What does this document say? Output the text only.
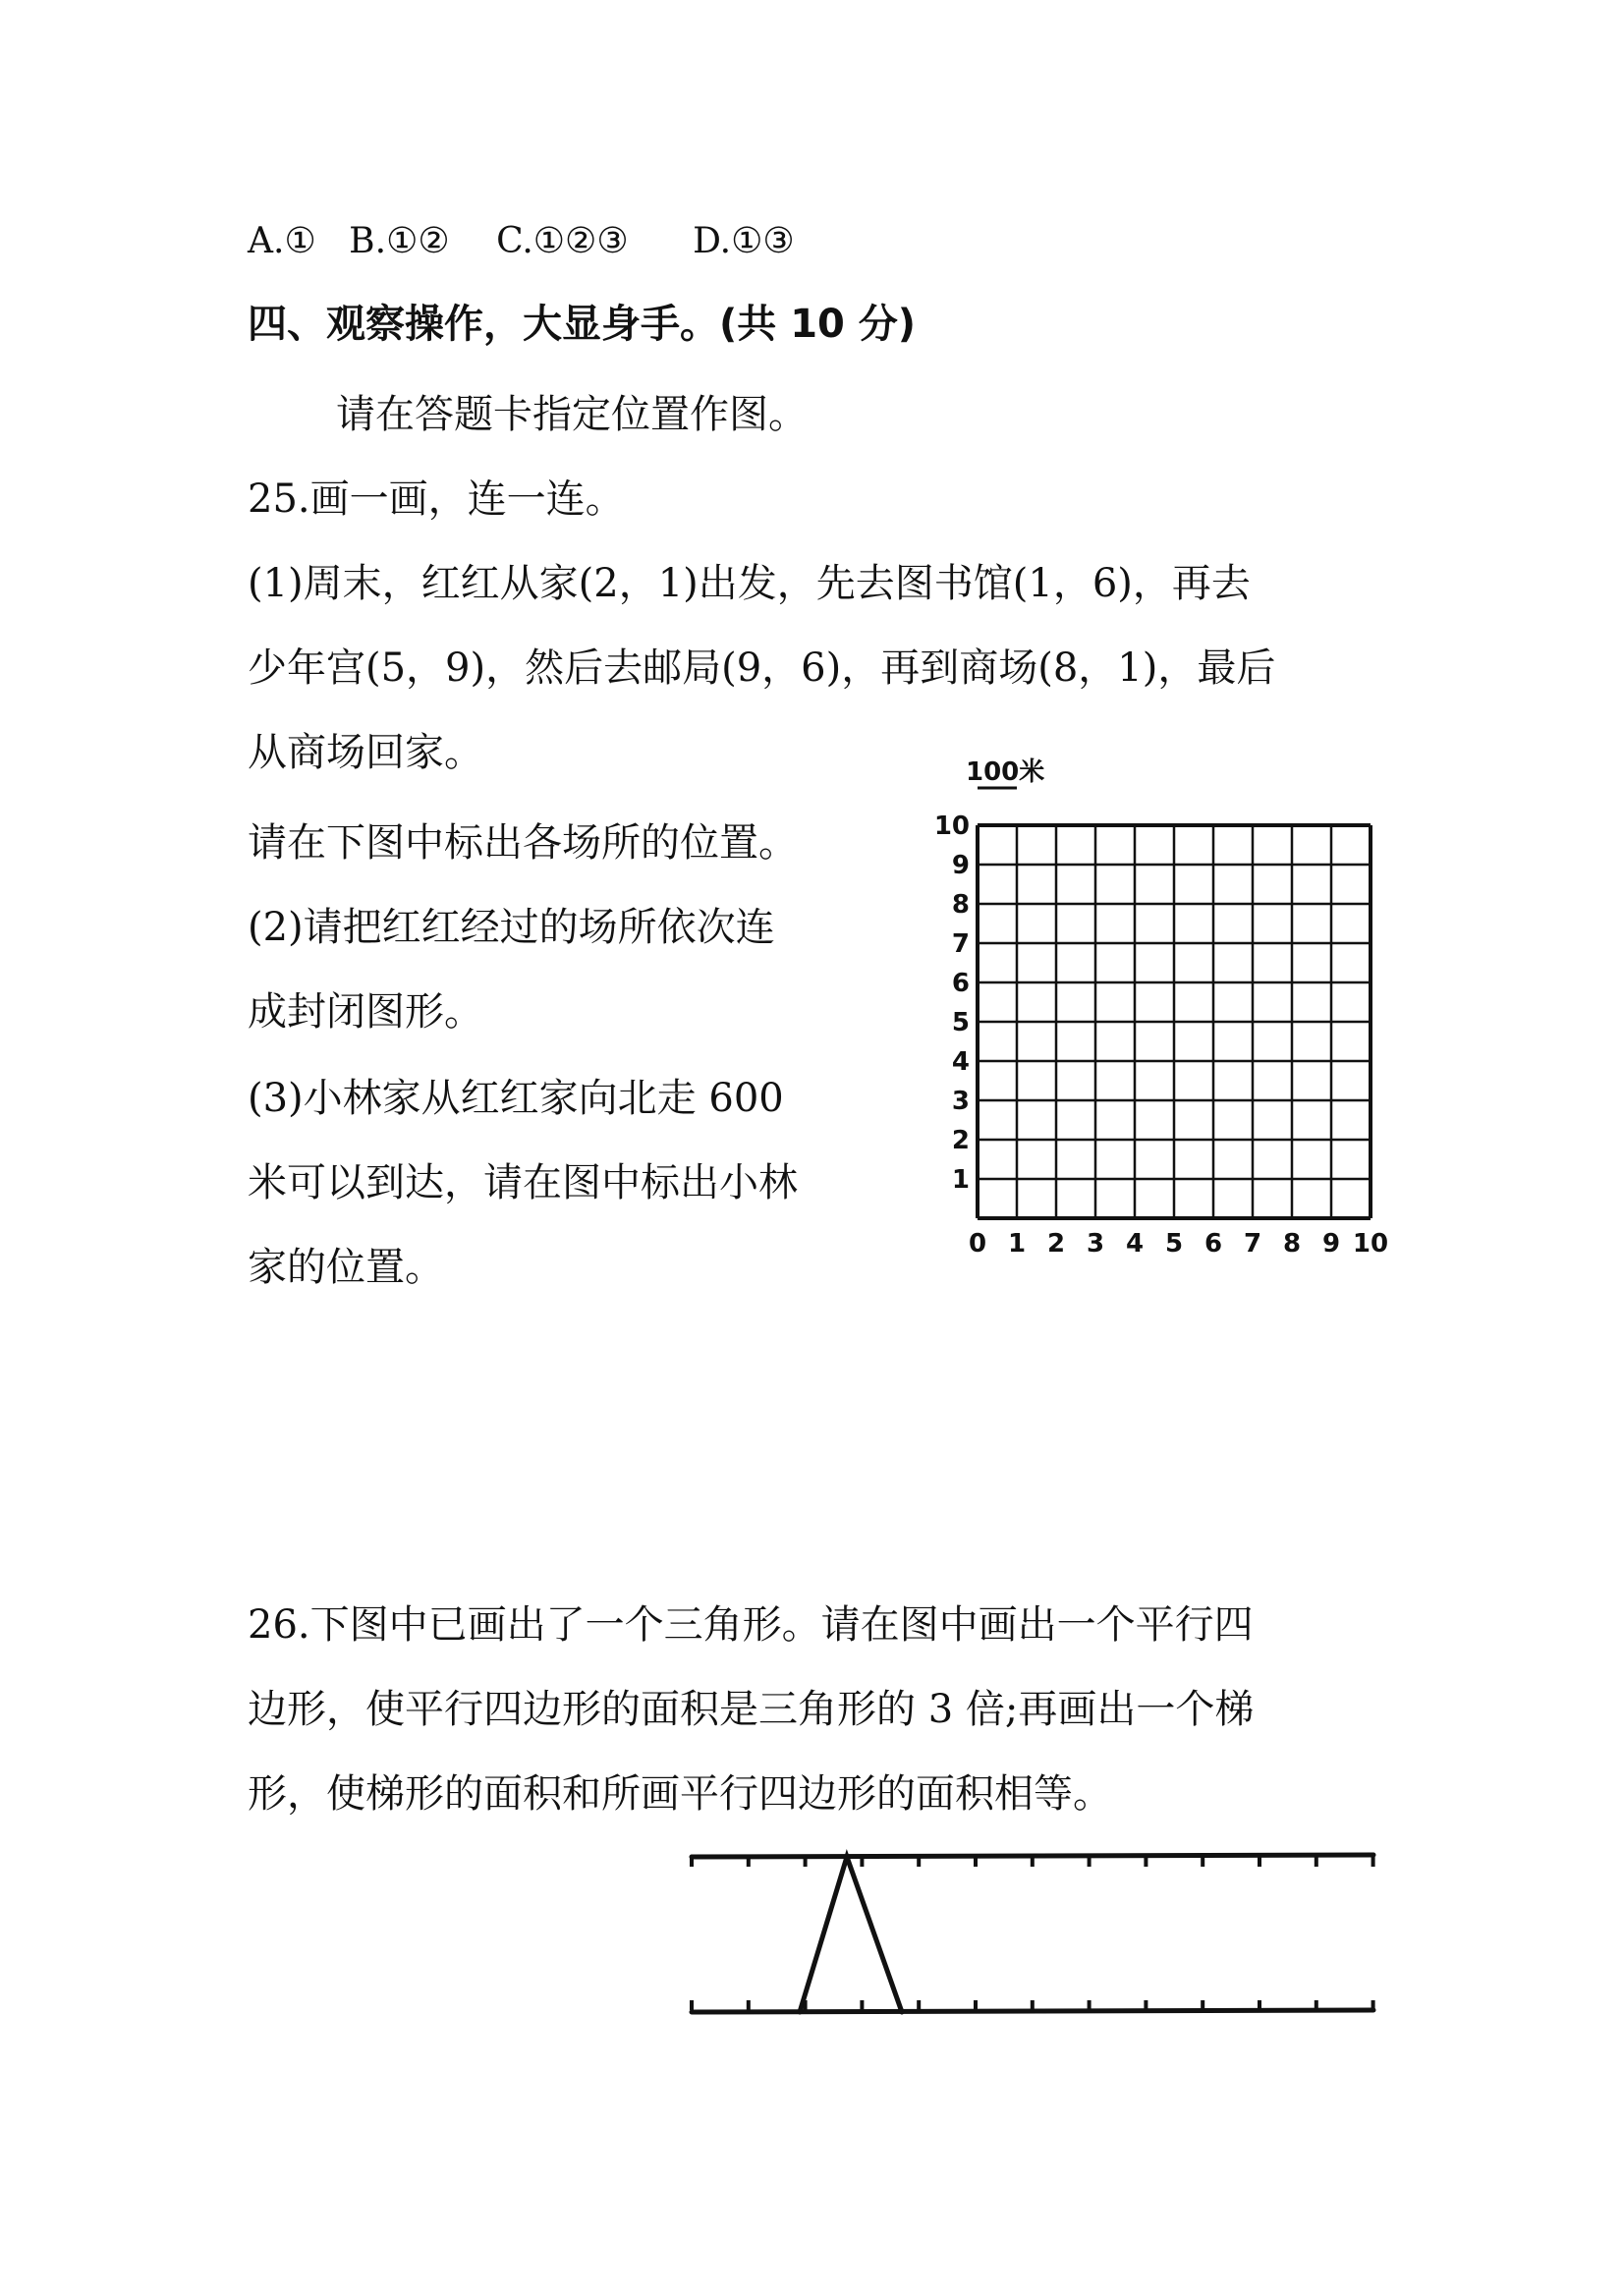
A.① B.①② C.①②③ D.①③
四、观察操作，大显身手。(共 10 分)
请在答题卡指定位置作图。
25.画一画，连一连。
(1)周末，红红从家(2，1)出发，先去图书馆(1，6)，再去
少年宫(5，9)，然后去邮局(9，6)，再到商场(8，1)，最后
从商场回家。
请在下图中标出各场所的位置。
(2)请把红红经过的场所依次连
成封闭图形。
(3)小林家从红红家向北走 600
米可以到达，请在图中标出小林
家的位置。
100米
0 1 2 3 4 5 6 7 8 9 10
1
2
3
4
5
6
7
8
9
10
26.下图中已画出了一个三角形。请在图中画出一个平行四
边形，使平行四边形的面积是三角形的 3 倍;再画出一个梯
形，使梯形的面积和所画平行四边形的面积相等。
